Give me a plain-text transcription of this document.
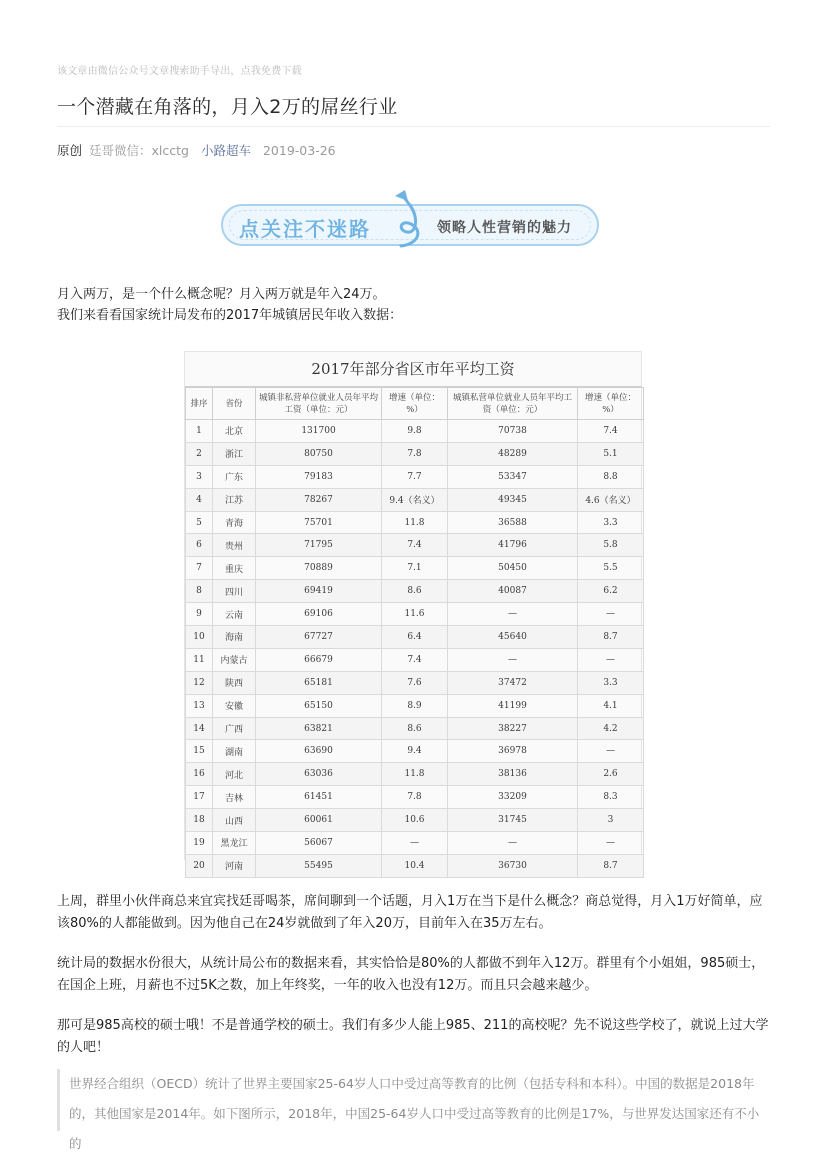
该文章由微信公众号文章搜索助手导出，点我免费下载
一个潜藏在角落的，月入2万的屌丝行业
原创 廷哥微信：xlcctg 小路超车 2019-03-26
点关注不迷路	领略人性营销的魅力

月入两万，是一个什么概念呢？月入两万就是年入24万。

我们来看看国家统计局发布的2017年城镇居民年收入数据：

2017年部分省区市年平均工资
排序	省份	城镇非私营单位就业人员年平均工资（单位：元）	增速（单位：%）	城镇私营单位就业人员年平均工资（单位：元）	增速（单位：%）
1	北京	131700	9.8	70738	7.4
2	浙江	80750	7.8	48289	5.1
3	广东	79183	7.7	53347	8.8
4	江苏	78267	9.4（名义）	49345	4.6（名义）
5	青海	75701	11.8	36588	3.3
6	贵州	71795	7.4	41796	5.8
7	重庆	70889	7.1	50450	5.5
8	四川	69419	8.6	40087	6.2
9	云南	69106	11.6	—	—
10	海南	67727	6.4	45640	8.7
11	内蒙古	66679	7.4	—	—
12	陕西	65181	7.6	37472	3.3
13	安徽	65150	8.9	41199	4.1
14	广西	63821	8.6	38227	4.2
15	湖南	63690	9.4	36978	—
16	河北	63036	11.8	38136	2.6
17	吉林	61451	7.8	33209	8.3
18	山西	60061	10.6	31745	3
19	黑龙江	56067	—	—	—
20	河南	55495	10.4	36730	8.7

上周，群里小伙伴商总来宜宾找廷哥喝茶，席间聊到一个话题，月入1万在当下是什么概念？商总觉得，月入1万好简单，应该80%的人都能做到。因为他自己在24岁就做到了年入20万，目前年入在35万左右。

统计局的数据水份很大，从统计局公布的数据来看，其实恰恰是80%的人都做不到年入12万。群里有个小姐姐，985硕士，在国企上班，月薪也不过5K之数，加上年终奖，一年的收入也没有12万。而且只会越来越少。

那可是985高校的硕士哦！不是普通学校的硕士。我们有多少人能上985、211的高校呢？先不说这些学校了，就说上过大学的人吧！

世界经合组织（OECD）统计了世界主要国家25-64岁人口中受过高等教育的比例（包括专科和本科）。中国的数据是2018年的，其他国家是2014年。如下图所示，2018年，中国25-64岁人口中受过高等教育的比例是17%，与世界发达国家还有不小的
